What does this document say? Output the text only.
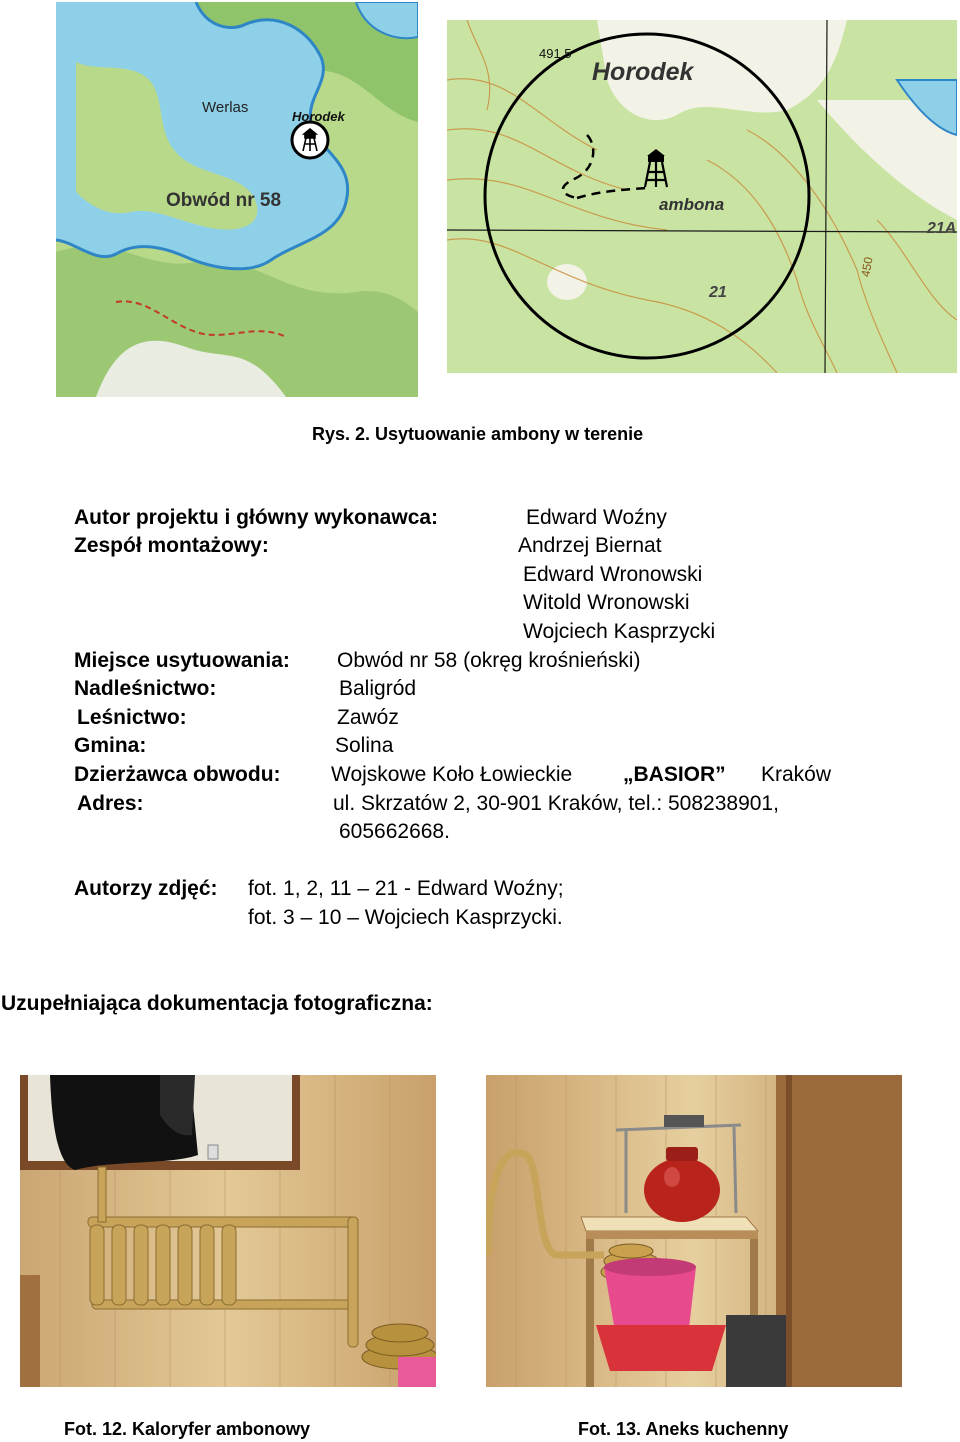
Werlas
Horodek
Obwód nr 58
Horodek
491,5
ambona
21
21A
450
Rys. 2. Usytuowanie ambony w terenie
Autor projektu i główny wykonawca:	Edward Woźny
Zespół montażowy:	Andrzej Biernat
Edward Wronowski
Witold Wronowski
Wojciech Kasprzycki
Miejsce usytuowania: Obwód nr 58 (okręg krośnieński)
Nadleśnictwo:	Baligród
Leśnictwo:	Zawóz
Gmina:	Solina
Dzierżawca obwodu: Wojskowe Koło Łowieckie „BASIOR” Kraków
Adres:	ul. Skrzatów 2, 30-901 Kraków, tel.: 508238901,
605662668.
Autorzy zdjęć: fot. 1, 2, 11 – 21 - Edward Woźny;
fot. 3 – 10 – Wojciech Kasprzycki.
Uzupełniająca dokumentacja fotograficzna:
Fot. 12. Kaloryfer ambonowy	Fot. 13. Aneks kuchenny
